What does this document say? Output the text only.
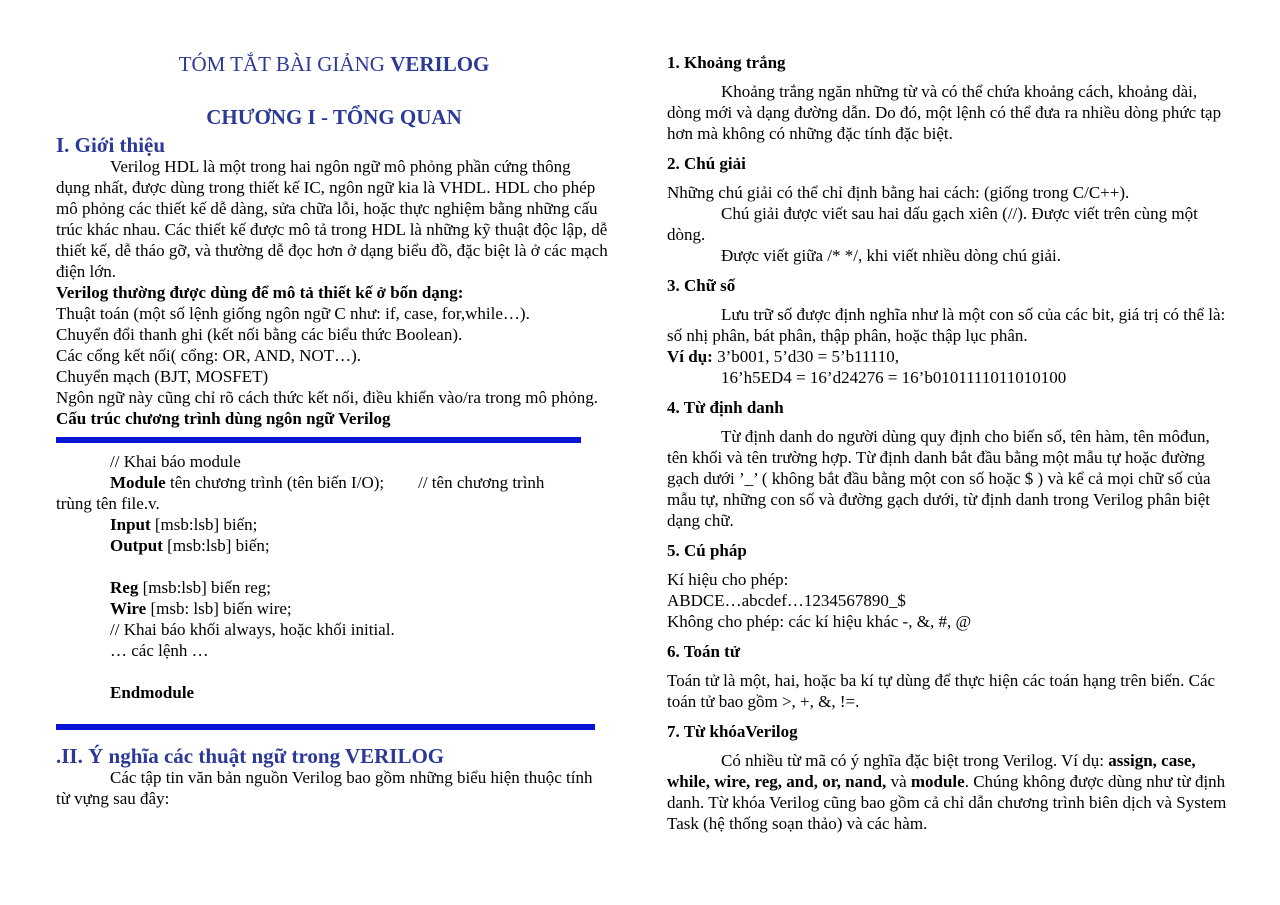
TÓM TẮT BÀI GIẢNG VERILOG
CHƯƠNG I - TỔNG QUAN
I. Giới thiệu

Verilog HDL là một trong hai ngôn ngữ mô phỏng phần cứng thông dụng nhất, được dùng trong thiết kế IC, ngôn ngữ kia là VHDL. HDL cho phép mô phỏng các thiết kế dễ dàng, sửa chữa lỗi, hoặc thực nghiệm bằng những cấu trúc khác nhau. Các thiết kế được mô tả trong HDL là những kỹ thuật độc lập, dễ thiết kế, dễ tháo gỡ, và thường dễ đọc hơn ở dạng biểu đồ, đặc biệt là ở các mạch điện lớn.

Verilog thường được dùng để mô tả thiết kế ở bốn dạng:

Thuật toán (một số lệnh giống ngôn ngữ C như: if, case, for,while…).

Chuyển đổi thanh ghi (kết nối bằng các biểu thức Boolean).

Các cổng kết nối( cổng: OR, AND, NOT…).

Chuyển mạch (BJT, MOSFET)

Ngôn ngữ này cũng chỉ rõ cách thức kết nối, điều khiển vào/ra trong mô phỏng.

Cấu trúc chương trình dùng ngôn ngữ Verilog

// Khai báo module

Module tên chương trình (tên biến I/O);        // tên chương trình

trùng tên file.v.

Input [msb:lsb] biến;

Output [msb:lsb] biến;

Reg [msb:lsb] biến reg;

Wire [msb: lsb] biến wire;

// Khai báo khối always, hoặc khối initial.

… các lệnh …

Endmodule

.II. Ý nghĩa các thuật ngữ trong VERILOG

Các tập tin văn bản nguồn Verilog bao gồm những biểu hiện thuộc tính từ vựng sau đây:

1. Khoảng trắng

Khoảng trắng ngăn những từ và có thể chứa khoảng cách, khoảng dài, dòng mới và dạng đường dẫn. Do đó, một lệnh có thể đưa ra nhiều dòng phức tạp hơn mà không có những đặc tính đặc biệt.

2. Chú giải

Những chú giải có thể chỉ định bằng hai cách: (giống trong C/C++).

Chú giải được viết sau hai dấu gạch xiên (//). Được viết trên cùng một dòng.

Được viết giữa /* */, khi viết nhiều dòng chú giải.

3. Chữ số

Lưu trữ số được định nghĩa như là một con số của các bit, giá trị có thể là: số nhị phân, bát phân, thập phân, hoặc thập lục phân.

Ví dụ: 3’b001, 5’d30 = 5’b11110,

16’h5ED4 = 16’d24276 = 16’b0101111011010100

4. Từ định danh

Từ định danh do người dùng quy định cho biến số, tên hàm, tên môđun, tên khối và tên trường hợp. Từ định danh bắt đầu bằng một mẫu tự hoặc đường gạch dưới ’_’ ( không bắt đầu bằng một con số hoặc $ ) và kể cả mọi chữ số của mẫu tự, những con số và đường gạch dưới, từ định danh trong Verilog phân biệt dạng chữ.

5. Cú pháp

Kí hiệu cho phép:

ABDCE…abcdef…1234567890_$

Không cho phép: các kí hiệu khác -, &, #, @

6. Toán tử

Toán tử là một, hai, hoặc ba kí tự dùng để thực hiện các toán hạng trên biến. Các toán tử bao gồm >, +, &, !=.

7. Từ khóaVerilog

Có nhiều từ mã có ý nghĩa đặc biệt trong Verilog. Ví dụ: assign, case, while, wire, reg, and, or, nand, và module. Chúng không được dùng như từ định danh. Từ khóa Verilog cũng bao gồm cả chỉ dẫn chương trình biên dịch và System Task (hệ thống soạn thảo) và các hàm.
